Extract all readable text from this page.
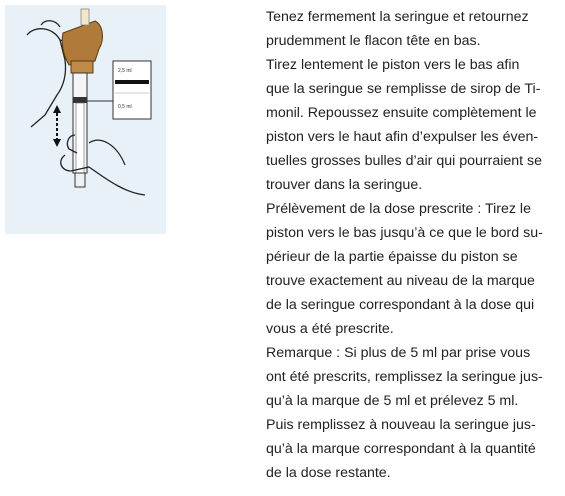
2,5 ml
0,5 ml
Tenez fermement la seringue et retournez
prudemment le flacon tête en bas.
Tirez lentement le piston vers le bas afin
que la seringue se remplisse de sirop de Ti-
monil. Repoussez ensuite complètement le
piston vers le haut afin d’expulser les éven-
tuelles grosses bulles d’air qui pourraient se
trouver dans la seringue.
Prélèvement de la dose prescrite : Tirez le
piston vers le bas jusqu’à ce que le bord su-
périeur de la partie épaisse du piston se
trouve exactement au niveau de la marque
de la seringue correspondant à la dose qui
vous a été prescrite.
Remarque : Si plus de 5 ml par prise vous
ont été prescrits, remplissez la seringue jus-
qu’à la marque de 5 ml et prélevez 5 ml.
Puis remplissez à nouveau la seringue jus-
qu’à la marque correspondant à la quantité
de la dose restante.
